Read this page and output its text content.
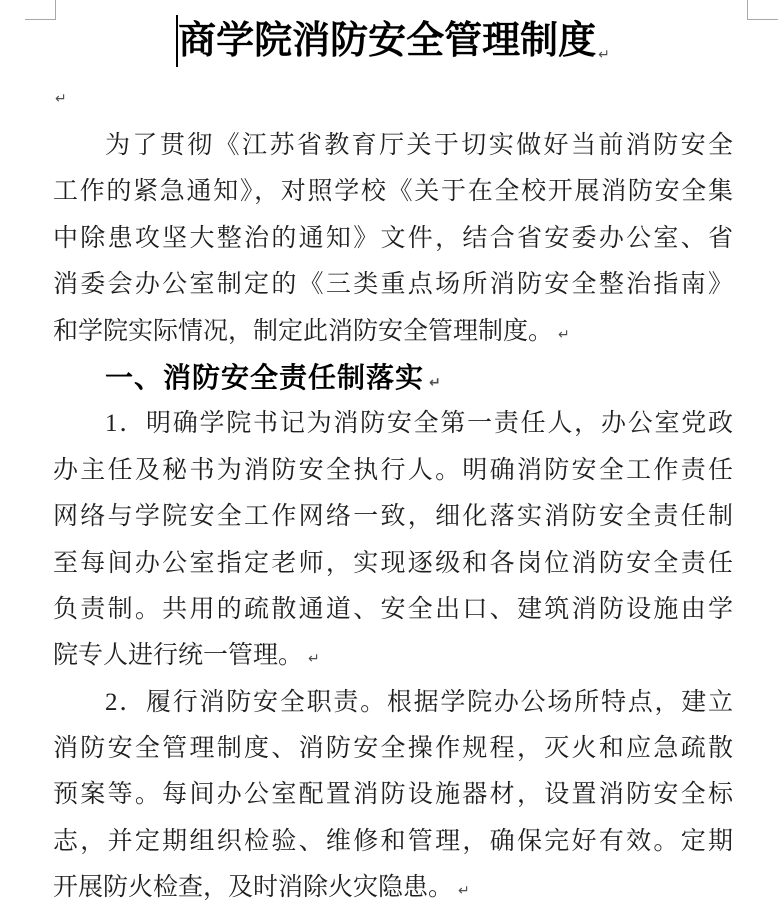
商学院消防安全管理制度 ↵
↵
为了贯彻《江苏省教育厅关于切实做好当前消防安全
工作的紧急通知》，对照学校《关于在全校开展消防安全集
中除患攻坚大整治的通知》文件，结合省安委办公室、省
消委会办公室制定的《三类重点场所消防安全整治指南》
和学院实际情况，制定此消防安全管理制度。 ↵
一、消防安全责任制落实 ↵
1．明确学院书记为消防安全第一责任人，办公室党政
办主任及秘书为消防安全执行人。明确消防安全工作责任
网络与学院安全工作网络一致，细化落实消防安全责任制
至每间办公室指定老师，实现逐级和各岗位消防安全责任
负责制。共用的疏散通道、安全出口、建筑消防设施由学
院专人进行统一管理。 ↵
2．履行消防安全职责。根据学院办公场所特点，建立
消防安全管理制度、消防安全操作规程，灭火和应急疏散
预案等。每间办公室配置消防设施器材，设置消防安全标
志，并定期组织检验、维修和管理，确保完好有效。定期
开展防火检查，及时消除火灾隐患。 ↵
